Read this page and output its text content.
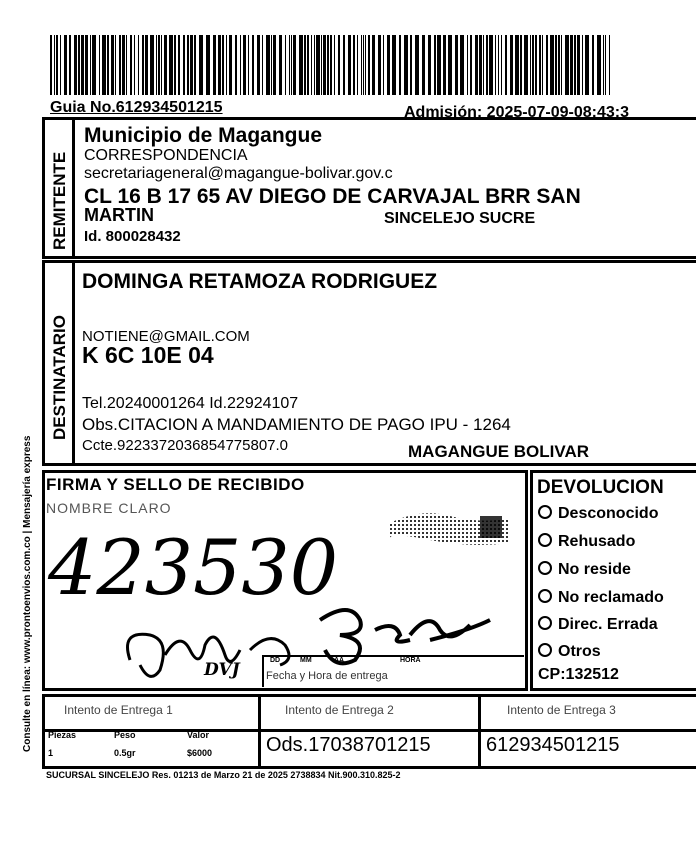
Guia No.612934501215	Admisión: 2025-07-09-08:43:3
REMITENTE
Municipio de Magangue
CORRESPONDENCIA
secretariageneral@magangue-bolivar.gov.c
CL 16 B 17 65 AV DIEGO DE CARVAJAL BRR SAN
MARTIN	SINCELEJO SUCRE
Id. 800028432
DESTINATARIO
DOMINGA RETAMOZA RODRIGUEZ
NOTIENE@GMAIL.COM
K 6C 10E 04
Tel.20240001264 Id.22924107
Obs.CITACION A MANDAMIENTO DE PAGO IPU - 1264
Ccte.9223372036854775807.0	MAGANGUE BOLIVAR
Consulte en línea: www.prontoenvios.com.co | Mensajería express FIRMA Y SELLO DE RECIBIDO
NOMBRE CLARO
423530
DVJ	DD	MM	AA	HORA
Fecha y Hora de entrega
DEVOLUCION
Desconocido
Rehusado
No reside
No reclamado
Direc. Errada
Otros
CP:132512
Intento de Entrega 1	Intento de Entrega 2	Intento de Entrega 3
Piezas	Peso	Valor
1	0.5gr	$6000	Ods.17038701215	612934501215
SUCURSAL SINCELEJO Res. 01213 de Marzo 21 de 2025 2738834 Nit.900.310.825-2
